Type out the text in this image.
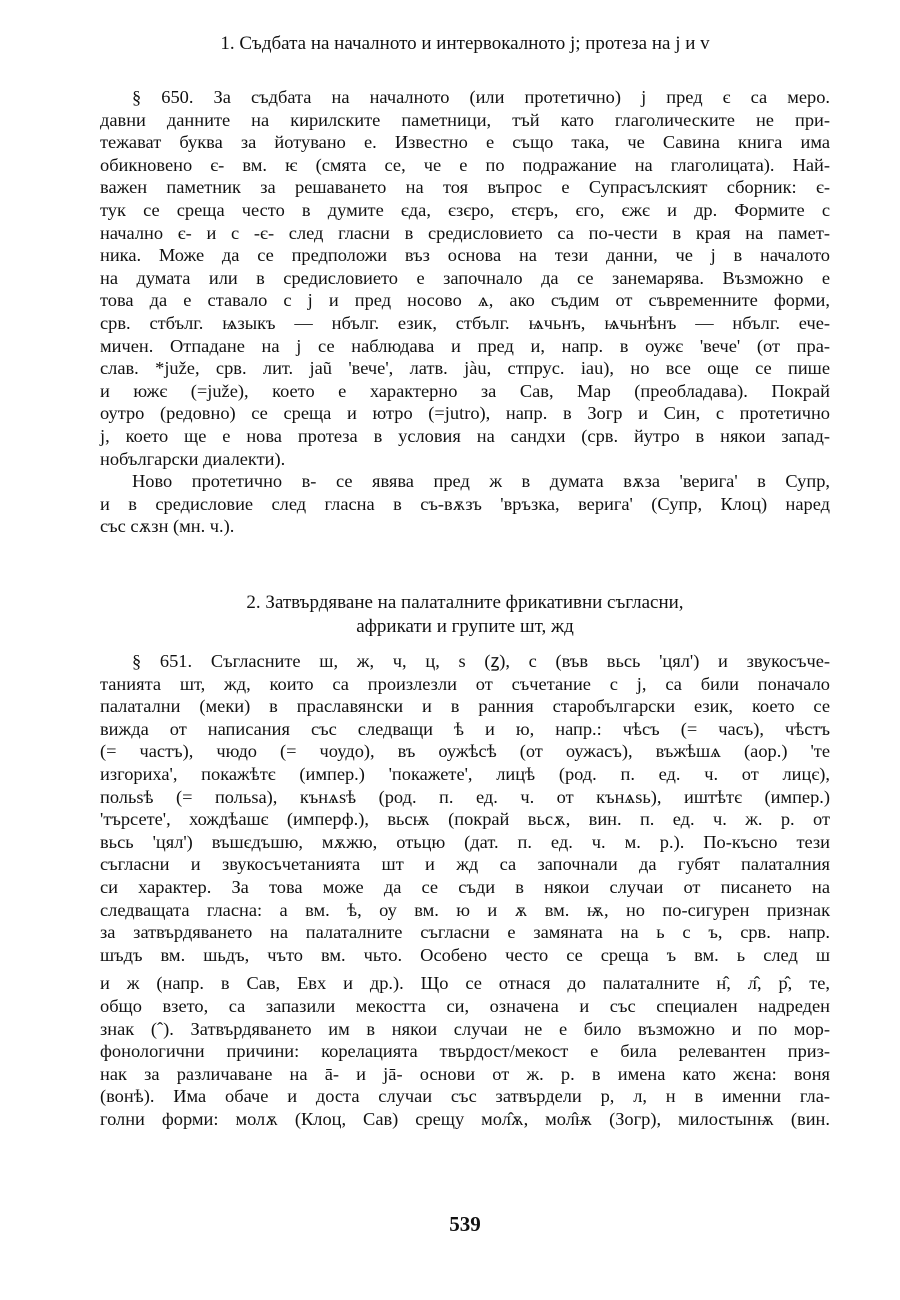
1. Съдбата на началното и интервокалното j; протеза на j и v
§ 650. За съдбата на началното (или протетично) j пред є са меро.
давни данните на кирилските паметници, тъй като глаголическите не при-
тежават буква за йотувано е. Известно е също така, че Савина книга има
обикновено є- вм. ѥ (смята се, че е по подражание на глаголицата). Най-
важен паметник за решаването на тоя въпрос е Супрасълският сборник: є-
тук се среща често в думите єда, єзєро, єтєръ, єго, єжє и др. Формите с
начално є- и с -є- след гласни в средисловието са по-чести в края на памет-
ника. Може да се предположи въз основа на тези данни, че j в началото
на думата или в средисловието е започнало да се занемарява. Възможно е
това да е ставало с j и пред носово ѧ, ако съдим от съвременните форми,
срв. стбълг. ѩзыкъ — нбълг. език, стбълг. ѩчьнъ, ѩчьнѣнъ — нбълг. ече-
мичен. Отпадане на j се наблюдава и пред и, напр. в оужє 'вече' (от пра-
слав. *juže, срв. лит. jaũ 'вече', латв. jàu, стпрус. iau), но все още се пише
и южє (=juže), което е характерно за Сав, Мар (преобладава). Покрай
оутро (редовно) се среща и ютро (=jutro), напр. в Зогр и Син, с протетично
j, което ще е нова протеза в условия на сандхи (срв. йутро в някои запад-
нобългарски диалекти).
Ново протетично в- се явява пред ж в думата вѫза 'верига' в Супр,
и в средисловие след гласна в съ-вѫзъ 'връзка, верига' (Супр, Клоц) наред
със сѫзн (мн. ч.).
2. Затвърдяване на палаталните фрикативни съгласни,
африкати и групите шт, жд
§ 651. Съгласните ш, ж, ч, ц, ѕ (ꙁ), с (във вьсь 'цял') и звукосъче-
танията шт, жд, които са произлезли от съчетание с j, са били поначало
палатални (меки) в праславянски и в ранния старобългарски език, което се
вижда от написания със следващи ѣ и ю, напр.: чѣсъ (= часъ), чѣстъ
(= частъ), чюдо (= чоудо), въ оужѣсѣ (от оужасъ), въжѣшѧ (аор.) 'те
изгориха', покажѣтє (импер.) 'покажете', лицѣ (род. п. ед. ч. от лицє),
польѕѣ (= польѕа), кънѧѕѣ (род. п. ед. ч. от кънѧѕь), иштѣтє (импер.)
'търсете', хождѣашє (имперф.), вьсѭ (покрай вьсѫ, вин. п. ед. ч. ж. р. от
вьсь 'цял') въшєдъшю, мѫжю, отьцю (дат. п. ед. ч. м. р.). По-късно тези
съгласни и звукосъчетанията шт и жд са започнали да губят палаталния
си характер. За това може да се съди в някои случаи от писането на
следващата гласна: а вм. ѣ, оу вм. ю и ѫ вм. ѭ, но по-сигурен признак
за затвърдяването на палаталните съгласни е замяната на ь с ъ, срв. напр.
шъдъ вм. шьдъ, чъто вм. чьто. Особено често се среща ъ вм. ь след ш
и ж (напр. в Сав, Евх и др.). Що се отнася до палаталните н̂, л̂, р̂, те,
общо взето, са запазили мекостта си, означена и със специален надреден
знак (ˆ). Затвърдяването им в някои случаи не е било възможно и по мор-
фонологични причини: корелацията твърдост/мекост е била релевантен приз-
нак за различаване на ā- и jā- основи от ж. р. в имена като жєна: воня
(вонѣ). Има обаче и доста случаи със затвърдели р, л, н в именни гла-
голни форми: молѫ (Клоц, Сав) срещу мол̂ѫ, мол̂ѭ (Зогр), милостынѭ (вин.
539
